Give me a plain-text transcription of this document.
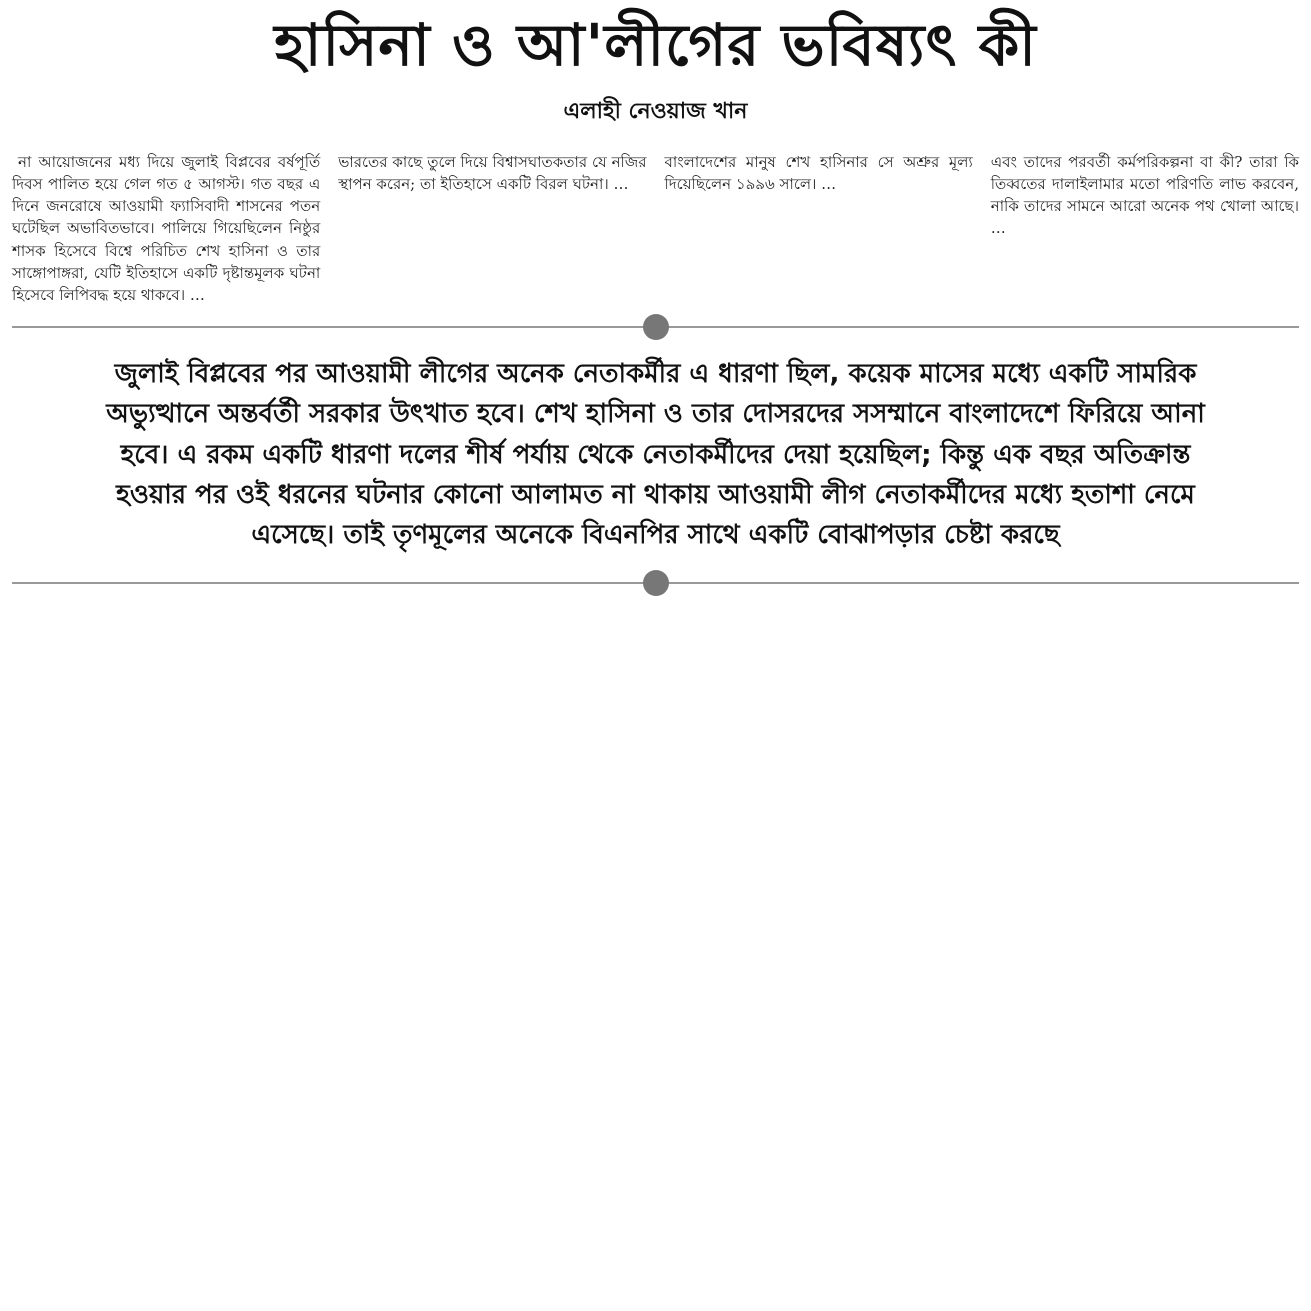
হাসিনা ও আ'লীগের ভবিষ্যৎ কী
এলাহী নেওয়াজ খান

না আয়োজনের মধ্য দিয়ে জুলাই বিপ্লবের বর্ষপূর্তি দিবস পালিত হয়ে গেল গত ৫ আগস্ট। গত বছর এ দিনে জনরোষে আওয়ামী ফ্যাসিবাদী শাসনের পতন ঘটেছিল অভাবিতভাবে। পালিয়ে গিয়েছিলেন নিষ্ঠুর শাসক হিসেবে বিশ্বে পরিচিত শেখ হাসিনা ও তার সাঙ্গোপাঙ্গরা, যেটি ইতিহাসে একটি দৃষ্টান্তমূলক ঘটনা হিসেবে লিপিবদ্ধ হয়ে থাকবে। …

ভারতের কাছে তুলে দিয়ে বিশ্বাসঘাতকতার যে নজির স্থাপন করেন; তা ইতিহাসে একটি বিরল ঘটনা। …

বাংলাদেশের মানুষ শেখ হাসিনার সে অশ্রুর মূল্য দিয়েছিলেন ১৯৯৬ সালে। …

এবং তাদের পরবর্তী কর্মপরিকল্পনা বা কী? তারা কি তিব্বতের দালাইলামার মতো পরিণতি লাভ করবেন, নাকি তাদের সামনে আরো অনেক পথ খোলা আছে। …

জুলাই বিপ্লবের পর আওয়ামী লীগের অনেক নেতাকর্মীর এ ধারণা ছিল, কয়েক মাসের মধ্যে একটি সামরিক অভ্যুত্থানে অন্তর্বর্তী সরকার উৎখাত হবে। শেখ হাসিনা ও তার দোসরদের সসম্মানে বাংলাদেশে ফিরিয়ে আনা হবে। এ রকম একটি ধারণা দলের শীর্ষ পর্যায় থেকে নেতাকর্মীদের দেয়া হয়েছিল; কিন্তু এক বছর অতিক্রান্ত হওয়ার পর ওই ধরনের ঘটনার কোনো আলামত না থাকায় আওয়ামী লীগ নেতাকর্মীদের মধ্যে হতাশা নেমে এসেছে। তাই তৃণমূলের অনেকে বিএনপির সাথে একটি বোঝাপড়ার চেষ্টা করছে
